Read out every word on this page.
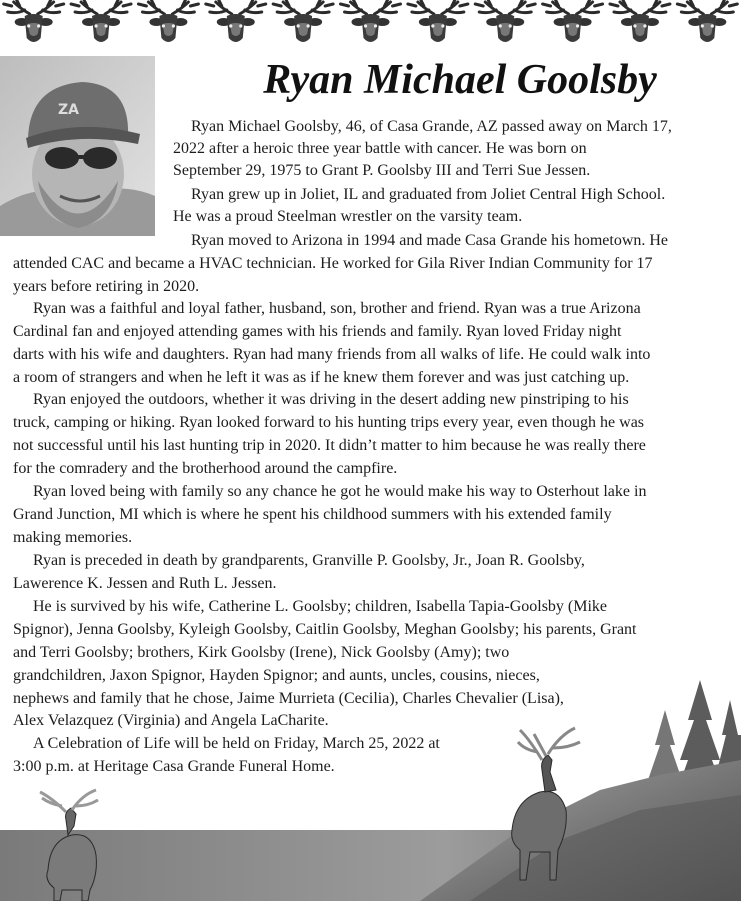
ZA
Ryan Michael Goolsby
Ryan Michael Goolsby, 46, of Casa Grande, AZ passed away on March 17,
2022 after a heroic three year battle with cancer. He was born on
September 29, 1975 to Grant P. Goolsby III and Terri Sue Jessen.
Ryan grew up in Joliet, IL and graduated from Joliet Central High School.
He was a proud Steelman wrestler on the varsity team.
Ryan moved to Arizona in 1994 and made Casa Grande his hometown. He
attended CAC and became a HVAC technician. He worked for Gila River Indian Community for 17
years before retiring in 2020.
Ryan was a faithful and loyal father, husband, son, brother and friend. Ryan was a true Arizona
Cardinal fan and enjoyed attending games with his friends and family. Ryan loved Friday night
darts with his wife and daughters. Ryan had many friends from all walks of life. He could walk into
a room of strangers and when he left it was as if he knew them forever and was just catching up.
Ryan enjoyed the outdoors, whether it was driving in the desert adding new pinstriping to his
truck, camping or hiking. Ryan looked forward to his hunting trips every year, even though he was
not successful until his last hunting trip in 2020. It didn’t matter to him because he was really there
for the comradery and the brotherhood around the campfire.
Ryan loved being with family so any chance he got he would make his way to Osterhout lake in
Grand Junction, MI which is where he spent his childhood summers with his extended family
making memories.
Ryan is preceded in death by grandparents, Granville P. Goolsby, Jr., Joan R. Goolsby,
Lawerence K. Jessen and Ruth L. Jessen.
He is survived by his wife, Catherine L. Goolsby; children, Isabella Tapia-Goolsby (Mike
Spignor), Jenna Goolsby, Kyleigh Goolsby, Caitlin Goolsby, Meghan Goolsby; his parents, Grant
and Terri Goolsby; brothers, Kirk Goolsby (Irene), Nick Goolsby (Amy); two
grandchildren, Jaxon Spignor, Hayden Spignor; and aunts, uncles, cousins, nieces,
nephews and family that he chose, Jaime Murrieta (Cecilia), Charles Chevalier (Lisa),
Alex Velazquez (Virginia) and Angela LaCharite.
A Celebration of Life will be held on Friday, March 25, 2022 at
3:00 p.m. at Heritage Casa Grande Funeral Home.
